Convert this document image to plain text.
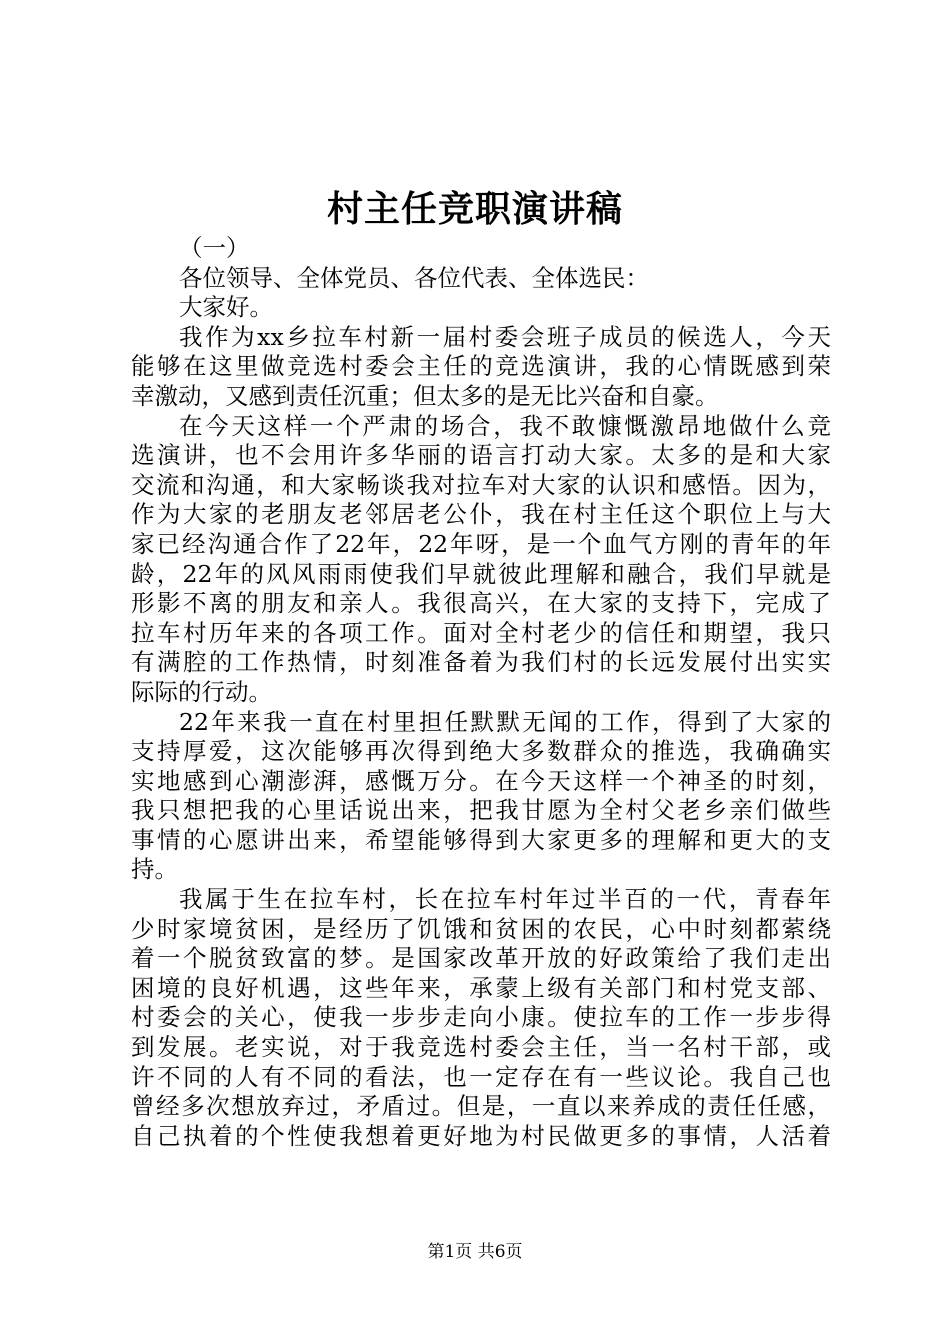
村主任竞职演讲稿
（一）
各位领导、全体党员、各位代表、全体选民：
大家好。
我作为xx乡拉车村新一届村委会班子成员的候选人，今天
能够在这里做竞选村委会主任的竞选演讲，我的心情既感到荣
幸激动，又感到责任沉重；但太多的是无比兴奋和自豪。
在今天这样一个严肃的场合，我不敢慷慨激昂地做什么竞
选演讲，也不会用许多华丽的语言打动大家。太多的是和大家
交流和沟通，和大家畅谈我对拉车对大家的认识和感悟。因为，
作为大家的老朋友老邻居老公仆，我在村主任这个职位上与大
家已经沟通合作了22年，22年呀，是一个血气方刚的青年的年
龄，22年的风风雨雨使我们早就彼此理解和融合，我们早就是
形影不离的朋友和亲人。我很高兴，在大家的支持下，完成了
拉车村历年来的各项工作。面对全村老少的信任和期望，我只
有满腔的工作热情，时刻准备着为我们村的长远发展付出实实
际际的行动。
22年来我一直在村里担任默默无闻的工作，得到了大家的
支持厚爱，这次能够再次得到绝大多数群众的推选，我确确实
实地感到心潮澎湃，感慨万分。在今天这样一个神圣的时刻，
我只想把我的心里话说出来，把我甘愿为全村父老乡亲们做些
事情的心愿讲出来，希望能够得到大家更多的理解和更大的支
持。
我属于生在拉车村，长在拉车村年过半百的一代，青春年
少时家境贫困，是经历了饥饿和贫困的农民，心中时刻都萦绕
着一个脱贫致富的梦。是国家改革开放的好政策给了我们走出
困境的良好机遇，这些年来，承蒙上级有关部门和村党支部、
村委会的关心，使我一步步走向小康。使拉车的工作一步步得
到发展。老实说，对于我竞选村委会主任，当一名村干部，或
许不同的人有不同的看法，也一定存在有一些议论。我自己也
曾经多次想放弃过，矛盾过。但是，一直以来养成的责任任感，
自己执着的个性使我想着更好地为村民做更多的事情，人活着
第1页 共6页
